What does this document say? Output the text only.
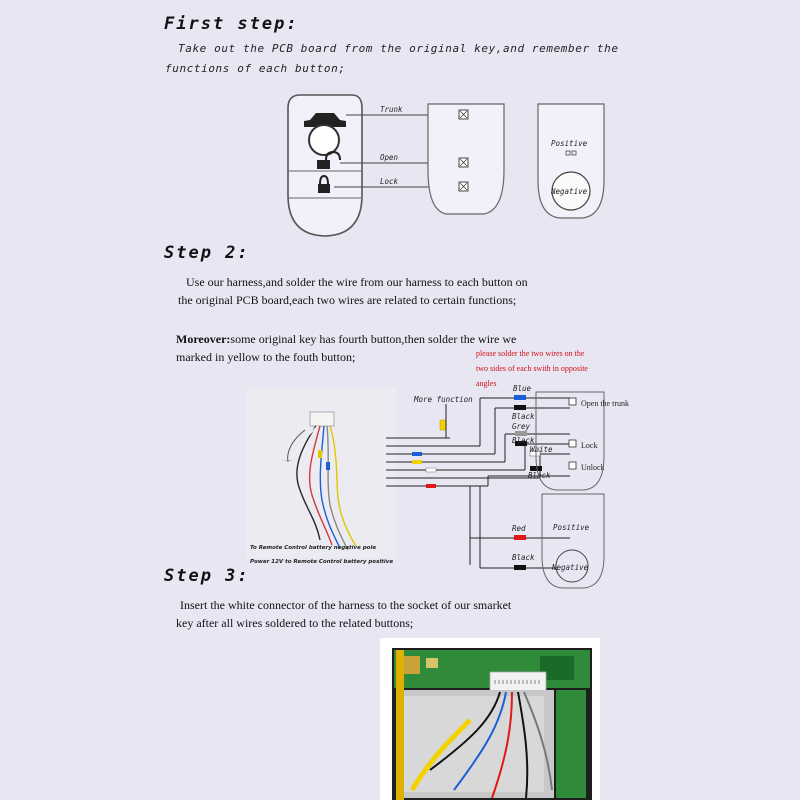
First step:
Take out the PCB board from the original key,and remember the
functions of each button;
Trunk
Open
Lock
Positive
Negative
·····
To Remote Control battery negative pole
Power 12V to Remote Control battery positive
please solder the two wires on the
two sides of each swith in opposite
angles
More function
Blue
Black
Grey
Black
White
Black
Red
Black
Open the trunk
Lock
Unlock
Positive
Negative
Step 2:
Use our harness,and solder the wire from our harness to each button on
the original PCB board,each two wires are related to certain functions;
Moreover:some original key has fourth button,then solder the wire we
marked in yellow to the fouth button;
Step 3:
Insert the white connector of the harness to the socket of our smarket
key after all wires soldered to the related buttons;
